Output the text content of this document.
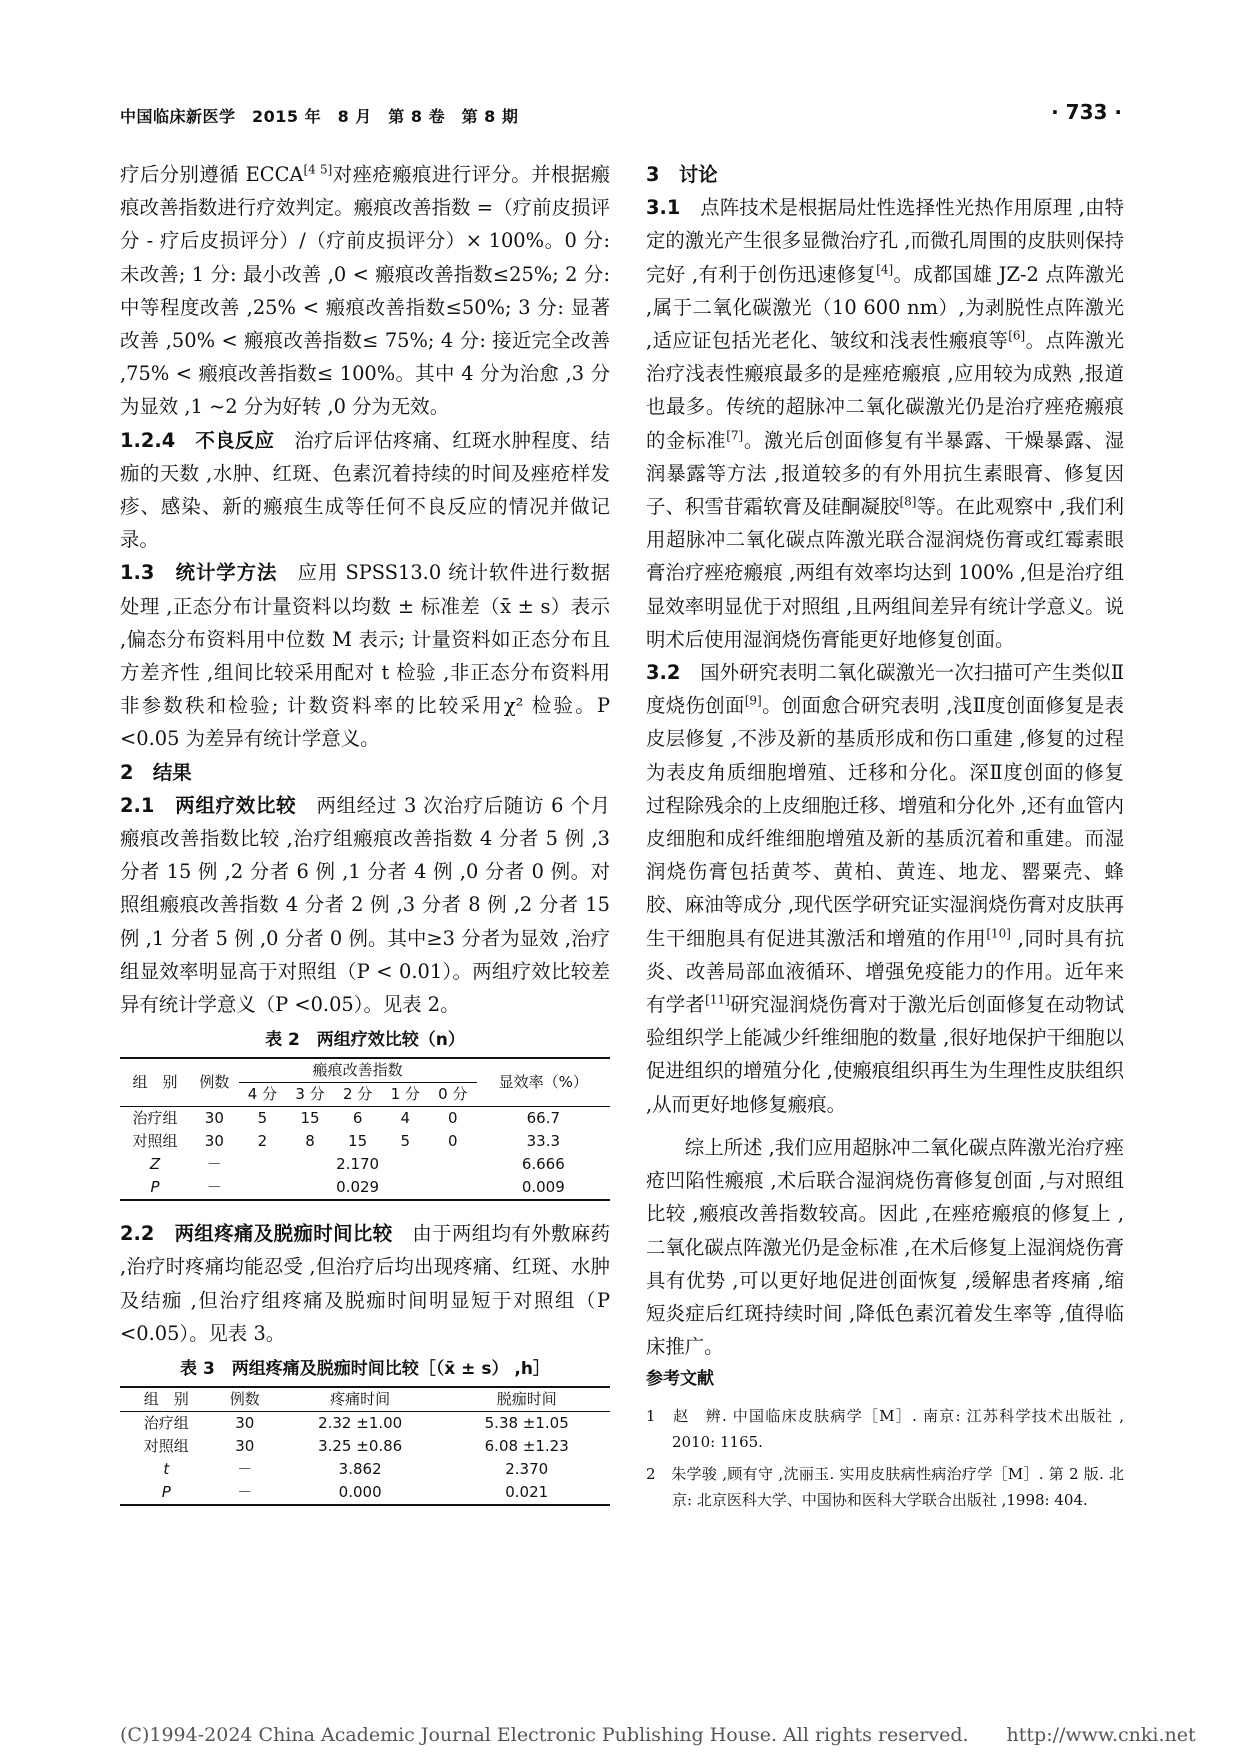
中国临床新医学　2015 年　8 月　第 8 卷　第 8 期	· 733 ·

疗后分别遵循 ECCA[4 5]对痤疮瘢痕进行评分。并根据瘢痕改善指数进行疗效判定。瘢痕改善指数 =（疗前皮损评分 - 疗后皮损评分）/（疗前皮损评分）× 100%。0 分: 未改善; 1 分: 最小改善 ,0 < 瘢痕改善指数≤25%; 2 分: 中等程度改善 ,25% < 瘢痕改善指数≤50%; 3 分: 显著改善 ,50% < 瘢痕改善指数≤ 75%; 4 分: 接近完全改善 ,75% < 瘢痕改善指数≤ 100%。其中 4 分为治愈 ,3 分为显效 ,1 ~2 分为好转 ,0 分为无效。

1.2.4　 不良反应　 治疗后评估疼痛、红斑水肿程度、结痂的天数 ,水肿、红斑、色素沉着持续的时间及痤疮样发疹、感染、新的瘢痕生成等任何不良反应的情况并做记录。

1.3　 统计学方法　 应用 SPSS13.0 统计软件进行数据处理 ,正态分布计量资料以均数 ± 标准差（x̄ ± s）表示 ,偏态分布资料用中位数 M 表示; 计量资料如正态分布且方差齐性 ,组间比较采用配对 t 检验 ,非正态分布资料用非参数秩和检验; 计数资料率的比较采用χ² 检验。P <0.05 为差异有统计学意义。

2　结果

2.1　 两组疗效比较　 两组经过 3 次治疗后随访 6 个月瘢痕改善指数比较 ,治疗组瘢痕改善指数 4 分者 5 例 ,3 分者 15 例 ,2 分者 6 例 ,1 分者 4 例 ,0 分者 0 例。对照组瘢痕改善指数 4 分者 2 例 ,3 分者 8 例 ,2 分者 15 例 ,1 分者 5 例 ,0 分者 0 例。其中≥3 分者为显效 ,治疗组显效率明显高于对照组（P < 0.01）。两组疗效比较差异有统计学意义（P <0.05）。见表 2。

表 2　两组疗效比较（n）
组　别	例数	瘢痕改善指数					显效率（%）
		4 分	3 分	2 分	1 分	0 分	
治疗组	30	5	15	6	4	0	66.7
对照组	30	2	8	15	5	0	33.3
Z	－	2.170					6.666
P	－	0.029					0.009

2.2　 两组疼痛及脱痂时间比较　 由于两组均有外敷麻药 ,治疗时疼痛均能忍受 ,但治疗后均出现疼痛、红斑、水肿及结痂 ,但治疗组疼痛及脱痂时间明显短于对照组（P <0.05）。见表 3。

表 3　两组疼痛及脱痂时间比较［（x̄ ± s） ,h］
组　别	例数	疼痛时间	脱痂时间
治疗组	30	2.32 ±1.00	5.38 ±1.05
对照组	30	3.25 ±0.86	6.08 ±1.23
t	－	3.862	2.370
P	－	0.000	0.021

3　讨论

3.1　 点阵技术是根据局灶性选择性光热作用原理 ,由特定的激光产生很多显微治疗孔 ,而微孔周围的皮肤则保持完好 ,有利于创伤迅速修复[4]。成都国雄 JZ-2 点阵激光 ,属于二氧化碳激光（10 600 nm）,为剥脱性点阵激光 ,适应证包括光老化、皱纹和浅表性瘢痕等[6]。点阵激光治疗浅表性瘢痕最多的是痤疮瘢痕 ,应用较为成熟 ,报道也最多。传统的超脉冲二氧化碳激光仍是治疗痤疮瘢痕的金标准[7]。激光后创面修复有半暴露、干燥暴露、湿润暴露等方法 ,报道较多的有外用抗生素眼膏、修复因子、积雪苷霜软膏及硅酮凝胶[8]等。在此观察中 ,我们利用超脉冲二氧化碳点阵激光联合湿润烧伤膏或红霉素眼膏治疗痤疮瘢痕 ,两组有效率均达到 100% ,但是治疗组显效率明显优于对照组 ,且两组间差异有统计学意义。说明术后使用湿润烧伤膏能更好地修复创面。

3.2　 国外研究表明二氧化碳激光一次扫描可产生类似Ⅱ度烧伤创面[9]。创面愈合研究表明 ,浅Ⅱ度创面修复是表皮层修复 ,不涉及新的基质形成和伤口重建 ,修复的过程为表皮角质细胞增殖、迁移和分化。深Ⅱ度创面的修复过程除残余的上皮细胞迁移、增殖和分化外 ,还有血管内皮细胞和成纤维细胞增殖及新的基质沉着和重建。而湿润烧伤膏包括黄芩、黄柏、黄连、地龙、罂粟壳、蜂胶、麻油等成分 ,现代医学研究证实湿润烧伤膏对皮肤再生干细胞具有促进其激活和增殖的作用[10] ,同时具有抗炎、改善局部血液循环、增强免疫能力的作用。近年来有学者[11]研究湿润烧伤膏对于激光后创面修复在动物试验组织学上能减少纤维细胞的数量 ,很好地保护干细胞以促进组织的增殖分化 ,使瘢痕组织再生为生理性皮肤组织 ,从而更好地修复瘢痕。

综上所述 ,我们应用超脉冲二氧化碳点阵激光治疗痤疮凹陷性瘢痕 ,术后联合湿润烧伤膏修复创面 ,与对照组比较 ,瘢痕改善指数较高。因此 ,在痤疮瘢痕的修复上 ,二氧化碳点阵激光仍是金标准 ,在术后修复上湿润烧伤膏具有优势 ,可以更好地促进创面恢复 ,缓解患者疼痛 ,缩短炎症后红斑持续时间 ,降低色素沉着发生率等 ,值得临床推广。

参考文献

1　赵　辨. 中国临床皮肤病学［M］. 南京: 江苏科学技术出版社 , 2010: 1165.

2　朱学骏 ,顾有守 ,沈丽玉. 实用皮肤病性病治疗学［M］. 第 2 版. 北京: 北京医科大学、中国协和医科大学联合出版社 ,1998: 404.

(C)1994-2024 China Academic Journal Electronic Publishing House. All rights reserved.　　http://www.cnki.net
